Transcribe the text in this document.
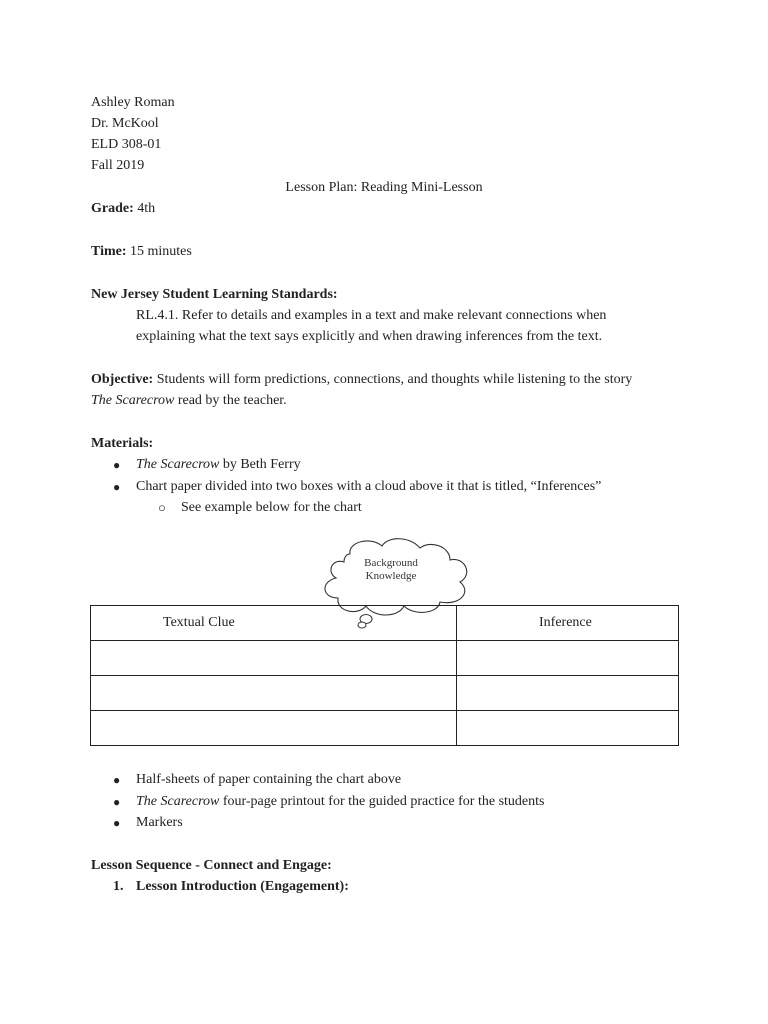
Ashley Roman
Dr. McKool
ELD 308-01
Fall 2019
Lesson Plan: Reading Mini-Lesson
Grade: 4th
Time: 15 minutes
New Jersey Student Learning Standards:
RL.4.1. Refer to details and examples in a text and make relevant connections when
explaining what the text says explicitly and when drawing inferences from the text.
Objective: Students will form predictions, connections, and thoughts while listening to the story
The Scarecrow read by the teacher.
Materials:
● The Scarecrow by Beth Ferry
● Chart paper divided into two boxes with a cloud above it that is titled, “Inferences”
○ See example below for the chart
Background
Knowledge
Textual Clue	Inference

● Half-sheets of paper containing the chart above
● The Scarecrow four-page printout for the guided practice for the students
● Markers
Lesson Sequence - Connect and Engage:
1. Lesson Introduction (Engagement):
